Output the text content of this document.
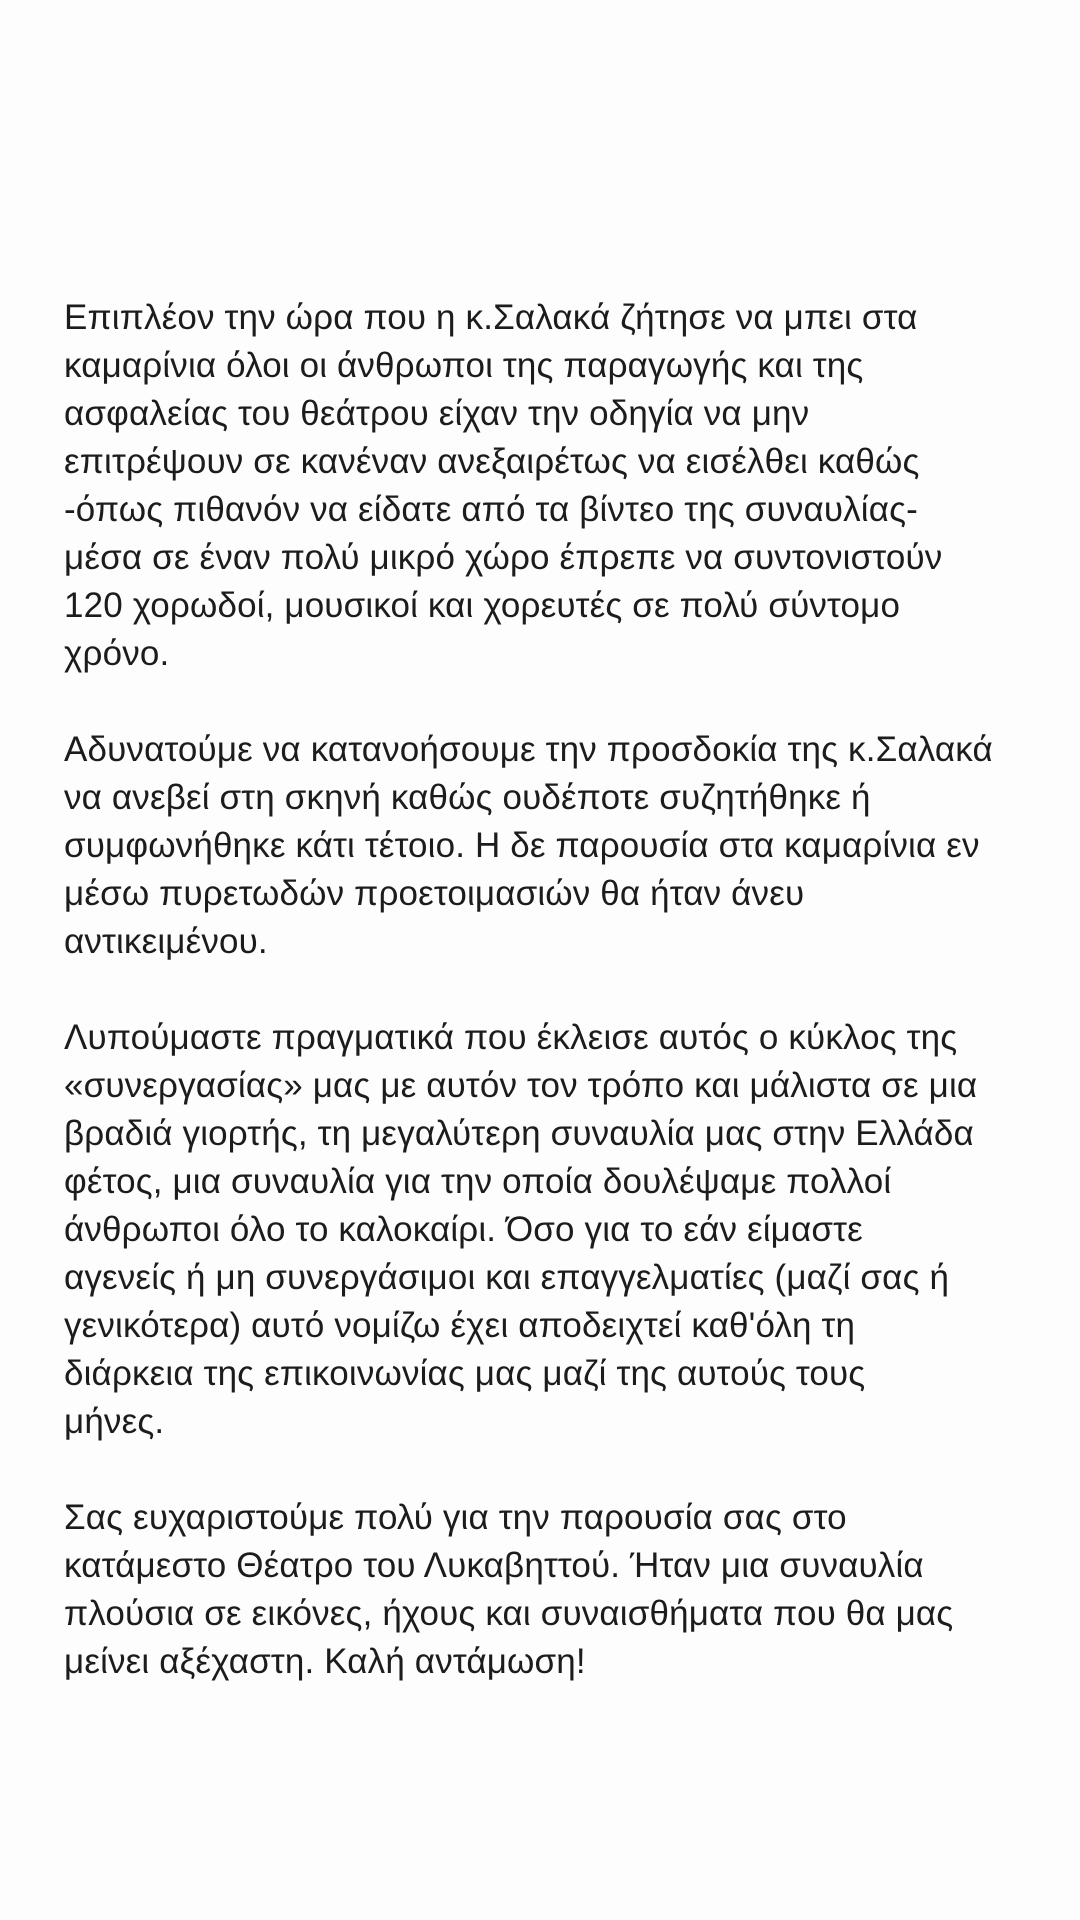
Επιπλέον την ώρα που η κ.Σαλακά ζήτησε να μπει στα
καμαρίνια όλοι οι άνθρωποι της παραγωγής και της
ασφαλείας του θεάτρου είχαν την οδηγία να μην
επιτρέψουν σε κανέναν ανεξαιρέτως να εισέλθει καθώς
-όπως πιθανόν να είδατε από τα βίντεο της συναυλίας-
μέσα σε έναν πολύ μικρό χώρο έπρεπε να συντονιστούν
120 χορωδοί, μουσικοί και χορευτές σε πολύ σύντομο
χρόνο.

Αδυνατούμε να κατανοήσουμε την προσδοκία της κ.Σαλακά
να ανεβεί στη σκηνή καθώς ουδέποτε συζητήθηκε ή
συμφωνήθηκε κάτι τέτοιο. Η δε παρουσία στα καμαρίνια εν
μέσω πυρετωδών προετοιμασιών θα ήταν άνευ
αντικειμένου.

Λυπούμαστε πραγματικά που έκλεισε αυτός ο κύκλος της
«συνεργασίας» μας με αυτόν τον τρόπο και μάλιστα σε μια
βραδιά γιορτής, τη μεγαλύτερη συναυλία μας στην Ελλάδα
φέτος, μια συναυλία για την οποία δουλέψαμε πολλοί
άνθρωποι όλο το καλοκαίρι. Όσο για το εάν είμαστε
αγενείς ή μη συνεργάσιμοι και επαγγελματίες (μαζί σας ή
γενικότερα) αυτό νομίζω έχει αποδειχτεί καθ'όλη τη
διάρκεια της επικοινωνίας μας μαζί της αυτούς τους
μήνες.

Σας ευχαριστούμε πολύ για την παρουσία σας στο
κατάμεστο Θέατρο του Λυκαβηττού. Ήταν μια συναυλία
πλούσια σε εικόνες, ήχους και συναισθήματα που θα μας
μείνει αξέχαστη. Καλή αντάμωση!
